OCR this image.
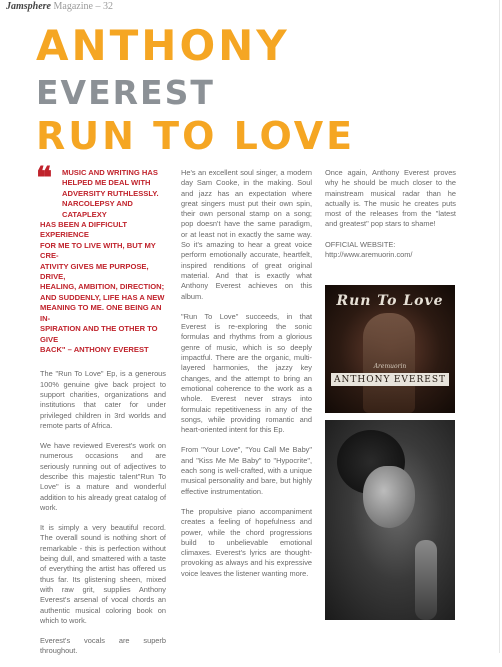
Jamsphere Magazine – 32
ANTHONY
EVEREST
RUN TO LOVE
❝	MUSIC AND WRITING HAS
HELPED ME DEAL WITH
ADVERSITY RUTHLESSLY.
NARCOLEPSY AND CATAPLEXY
HAS BEEN A DIFFICULT EXPERIENCE
FOR ME TO LIVE WITH, BUT MY CRE-
ATIVITY GIVES ME PURPOSE, DRIVE,
HEALING, AMBITION, DIRECTION;
AND SUDDENLY, LIFE HAS A NEW
MEANING TO ME. ONE BEING AN IN-
SPIRATION AND THE OTHER TO GIVE
BACK" – ANTHONY EVEREST

The "Run To Love" Ep, is a generous 100% genuine give back project to support charities, organizations and institutions that cater for under privileged children in 3rd worlds and remote parts of Africa.

We have reviewed Everest's work on numerous occasions and are seriously running out of adjectives to describe this majestic talent"Run To Love" is a mature and wonderful addition to his already great catalog of work.

It is simply a very beautiful record. The overall sound is nothing short of remarkable - this is perfection without being dull, and smattered with a taste of everything the artist has offered us thus far. Its glistening sheen, mixed with raw grit, supplies Anthony Everest's arsenal of vocal chords an authentic musical coloring book on which to work.

Everest's vocals are superb throughout.

He's an excellent soul singer, a modern day Sam Cooke, in the making. Soul and jazz has an expectation where great singers must put their own spin, their own personal stamp on a song; pop doesn't have the same paradigm, or at least not in exactly the same way. So it's amazing to hear a great voice perform emotionally accurate, heartfelt, inspired renditions of great original material. And that is exactly what Anthony Everest achieves on this album.

"Run To Love" succeeds, in that Everest is re-exploring the sonic formulas and rhythms from a glorious genre of music, which is so deeply impactful. There are the organic, multi-layered harmonies, the jazzy key changes, and the attempt to bring an emotional coherence to the work as a whole. Everest never strays into formulaic repetitiveness in any of the songs, while providing romantic and heart-oriented intent for this Ep.

From "Your Love", "You Call Me Baby" and "Kiss Me Me Baby" to "Hypocrite", each song is well-crafted, with a unique musical personality and bare, but highly effective instrumentation.

The propulsive piano accompaniment creates a feeling of hopefulness and power, while the chord progressions build to unbelievable emotional climaxes. Everest's lyrics are thought-provoking as always and his expressive voice leaves the listener wanting more.

Once again, Anthony Everest proves why he should be much closer to the mainstream musical radar than he actually is. The music he creates puts most of the releases from the "latest and greatest" pop stars to shame!

OFFICIAL WEBSITE:
http://www.aremuorin.com/
Run To Love
Aremuorin
ANTHONY EVEREST
